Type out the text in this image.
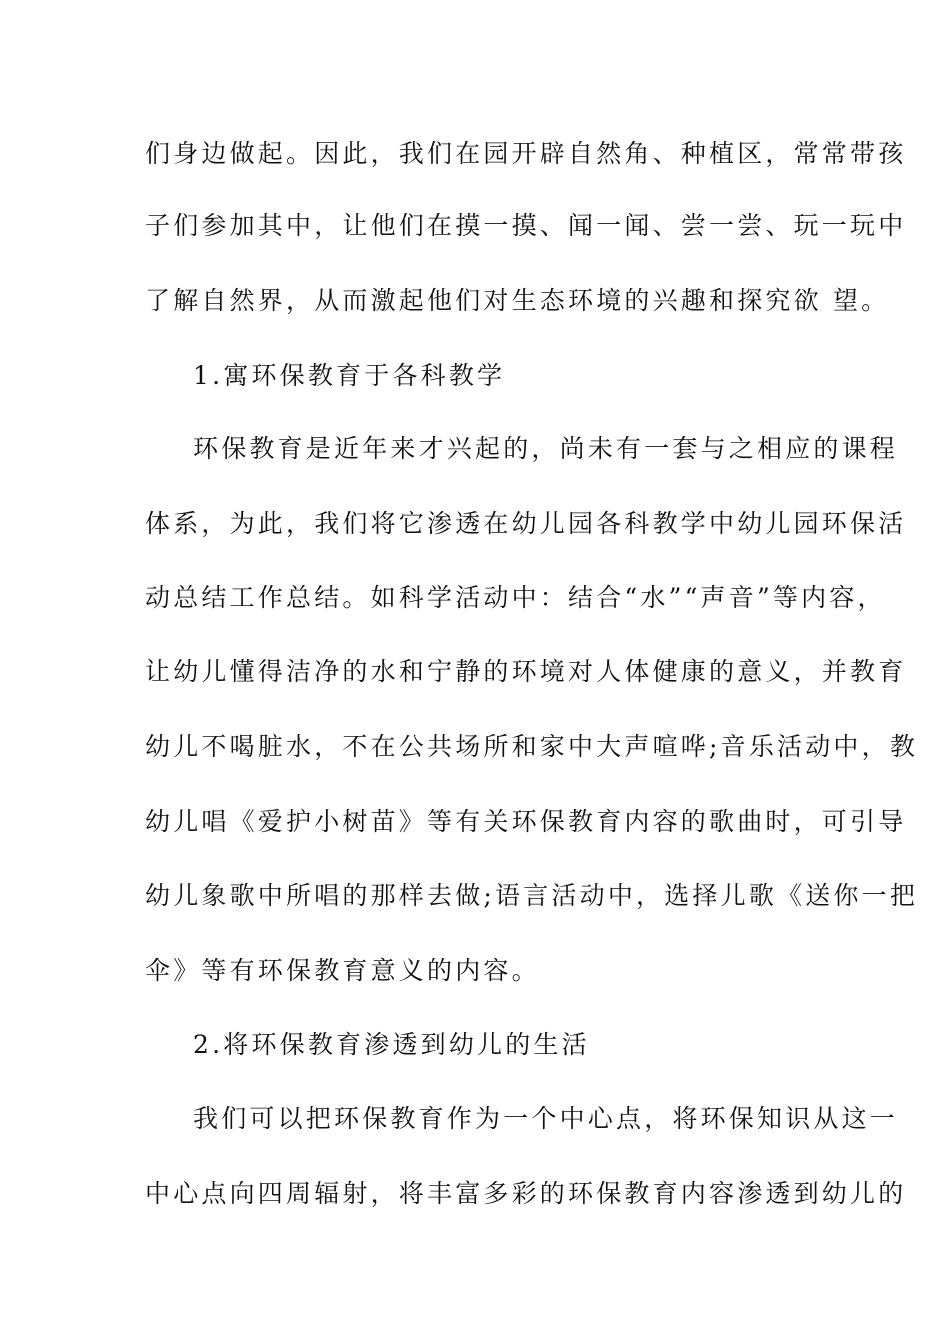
们身边做起。因此，我们在园开辟自然角、种植区，常常带孩
子们参加其中，让他们在摸一摸、闻一闻、尝一尝、玩一玩中
了解自然界，从而激起他们对生态环境的兴趣和探究欲 望。
1.寓环保教育于各科教学
环保教育是近年来才兴起的，尚未有一套与之相应的课程
体系，为此，我们将它渗透在幼儿园各科教学中幼儿园环保活
动总结工作总结。如科学活动中：结合“水”“声音”等内容，
让幼儿懂得洁净的水和宁静的环境对人体健康的意义，并教育
幼儿不喝脏水，不在公共场所和家中大声喧哗;音乐活动中，教
幼儿唱《爱护小树苗》等有关环保教育内容的歌曲时，可引导
幼儿象歌中所唱的那样去做;语言活动中，选择儿歌《送你一把
伞》等有环保教育意义的内容。
2.将环保教育渗透到幼儿的生活
我们可以把环保教育作为一个中心点，将环保知识从这一
中心点向四周辐射，将丰富多彩的环保教育内容渗透到幼儿的
